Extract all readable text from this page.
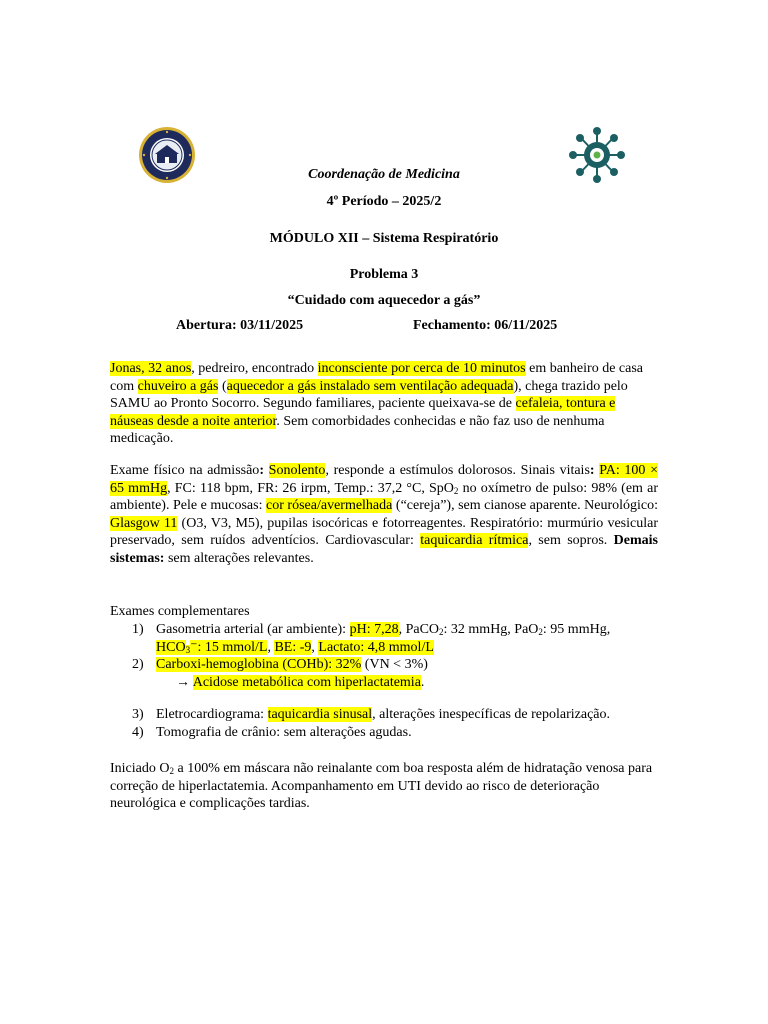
Coordenação de Medicina
4º Período – 2025/2
MÓDULO XII – Sistema Respiratório
Problema 3
“Cuidado com aquecedor a gás”
Abertura: 03/11/2025	Fechamento: 06/11/2025
Jonas, 32 anos, pedreiro, encontrado inconsciente por cerca de 10 minutos em banheiro de casa com chuveiro a gás (aquecedor a gás instalado sem ventilação adequada), chega trazido pelo SAMU ao Pronto Socorro. Segundo familiares, paciente queixava-se de cefaleia, tontura e náuseas desde a noite anterior. Sem comorbidades conhecidas e não faz uso de nenhuma medicação.
Exame físico na admissão: Sonolento, responde a estímulos dolorosos. Sinais vitais: PA: 100 × 65 mmHg, FC: 118 bpm, FR: 26 irpm, Temp.: 37,2 °C, SpO$_2$ no oxímetro de pulso: 98% (em ar ambiente). Pele e mucosas: cor rósea/avermelhada (“cereja”), sem cianose aparente. Neurológico: Glasgow 11 (O3, V3, M5), pupilas isocóricas e fotorreagentes. Respiratório: murmúrio vesicular preservado, sem ruídos adventícios. Cardiovascular: taquicardia rítmica, sem sopros. Demais sistemas: sem alterações relevantes.
Exames complementares
1) Gasometria arterial (ar ambiente): pH: 7,28, PaCO$_2$: 32 mmHg, PaO$_2$: 95 mmHg, $HCO_3^-$: 15 mmol/L, BE: -9, Lactato: 4,8 mmol/L
2) Carboxi-hemoglobina (COHb): 32% (VN < 3%)
→ Acidose metabólica com hiperlactatemia.
3) Eletrocardiograma: taquicardia sinusal, alterações inespecíficas de repolarização.
4) Tomografia de crânio: sem alterações agudas.
Iniciado $O_2$ a 100% em máscara não reinalante com boa resposta além de hidratação venosa para correção de hiperlactatemia. Acompanhamento em UTI devido ao risco de deterioração neurológica e complicações tardias.
